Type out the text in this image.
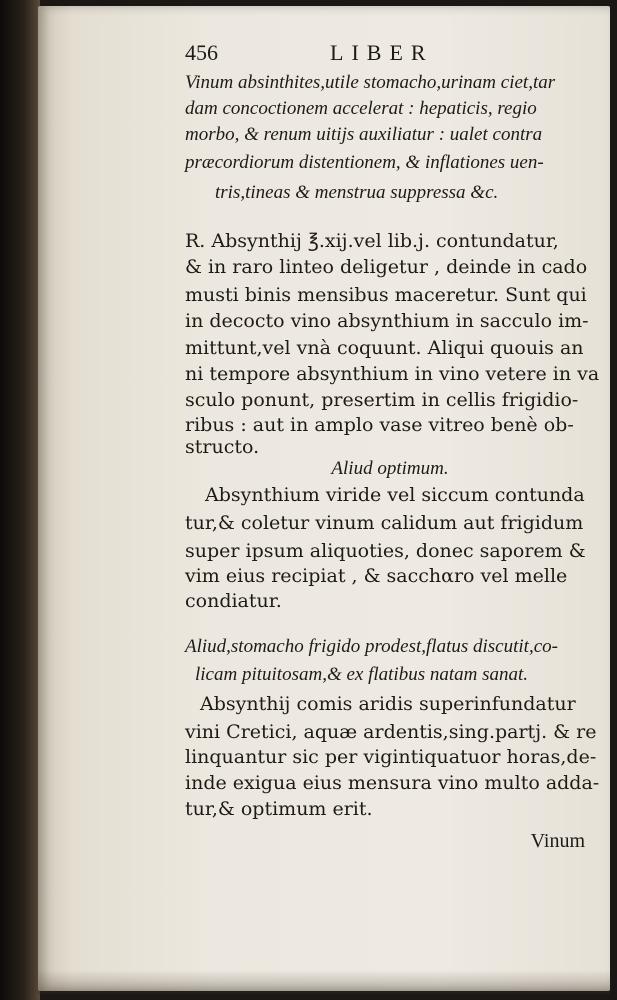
456	LIBER
Vinum absinthites,utile stomacho,urinam ciet,tar
dam concoctionem accelerat : hepaticis, regio
morbo, & renum uitijs auxiliatur : ualet contra
præcordiorum distentionem, & inflationes uen-
tris,tineas & menstrua suppressa &c.
R. Absynthij ℥.xij.vel lib.j. contundatur,
& in raro linteo deligetur , deinde in cado
musti binis mensibus maceretur. Sunt qui
in decocto vino absynthium in sacculo im-
mittunt,vel vnà coquunt. Aliqui quouis an
ni tempore absynthium in vino vetere in va
sculo ponunt, presertim in cellis frigidio-
ribus : aut in amplo vase vitreo benè ob-
structo.
Aliud optimum.
Absynthium viride vel siccum contunda
tur,& coletur vinum calidum aut frigidum
super ipsum aliquoties, donec saporem &
vim eius recipiat , & sacchαro vel melle
condiatur.
Aliud,stomacho frigido prodest,flatus discutit,co-
licam pituitosam,& ex flatibus natam sanat.
Absynthij comis aridis superinfundatur
vini Cretici, aquæ ardentis,sing.partj. & re
linquantur sic per vigintiquatuor horas,de-
inde exigua eius mensura vino multo adda-
tur,& optimum erit.
Vinum
